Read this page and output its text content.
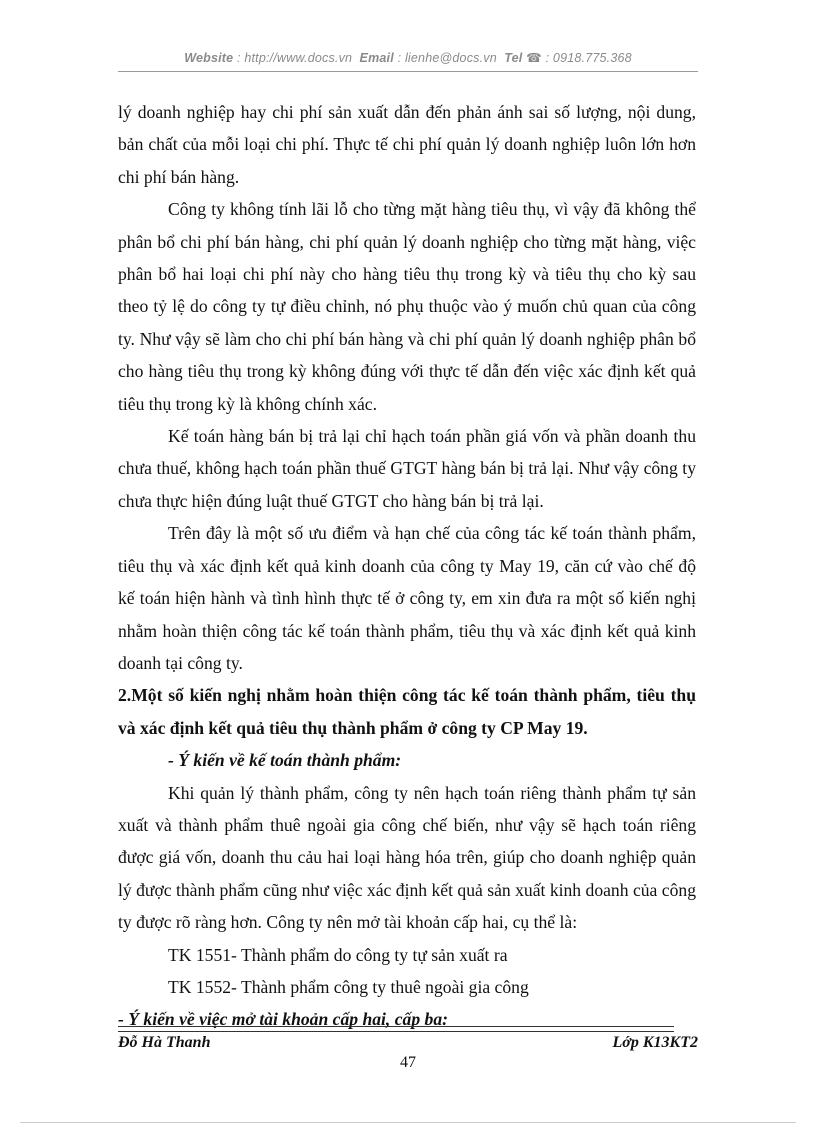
Website : http://www.docs.vn Email : lienhe@docs.vn Tel ☎ : 0918.775.368

lý doanh nghiệp hay chi phí sản xuất dẫn đến phản ánh sai số lượng, nội dung, bản chất của mỗi loại chi phí. Thực tế chi phí quản lý doanh nghiệp luôn lớn hơn chi phí bán hàng.

Công ty không tính lãi lỗ cho từng mặt hàng tiêu thụ, vì vậy đã không thể phân bổ chi phí bán hàng, chi phí quản lý doanh nghiệp cho từng mặt hàng, việc phân bổ hai loại chi phí này cho hàng tiêu thụ trong kỳ và tiêu thụ cho kỳ sau theo tỷ lệ do công ty tự điều chỉnh, nó phụ thuộc vào ý muốn chủ quan của công ty. Như vậy sẽ làm cho chi phí bán hàng và chi phí quản lý doanh nghiệp phân bổ cho hàng tiêu thụ trong kỳ không đúng với thực tế dẫn đến việc xác định kết quả tiêu thụ trong kỳ là không chính xác.

Kế toán hàng bán bị trả lại chỉ hạch toán phần giá vốn và phần doanh thu chưa thuế, không hạch toán phần thuế GTGT hàng bán bị trả lại. Như vậy công ty chưa thực hiện đúng luật thuế GTGT cho hàng bán bị trả lại.

Trên đây là một số ưu điểm và hạn chế của công tác kế toán thành phẩm, tiêu thụ và xác định kết quả kinh doanh của công ty May 19, căn cứ vào chế độ kế toán hiện hành và tình hình thực tế ở công ty, em xin đưa ra một số kiến nghị nhằm hoàn thiện công tác kế toán thành phẩm, tiêu thụ và xác định kết quả kinh doanh tại công ty.

2.Một số kiến nghị nhằm hoàn thiện công tác kế toán thành phẩm, tiêu thụ và xác định kết quả tiêu thụ thành phẩm ở công ty CP May 19.

- Ý kiến về kế toán thành phẩm:

Khi quản lý thành phẩm, công ty nên hạch toán riêng thành phẩm tự sản xuất và thành phẩm thuê ngoài gia công chế biến, như vậy sẽ hạch toán riêng được giá vốn, doanh thu cảu hai loại hàng hóa trên, giúp cho doanh nghiệp quản lý được thành phẩm cũng như việc xác định kết quả sản xuất kinh doanh của công ty được rõ ràng hơn. Công ty nên mở tài khoản cấp hai, cụ thể là:

TK 1551- Thành phẩm do công ty tự sản xuất ra

TK 1552- Thành phẩm công ty thuê ngoài gia công

- Ý kiến về việc mở tài khoản cấp hai, cấp ba:

Đỗ Hà Thanh	Lớp K13KT2
47
